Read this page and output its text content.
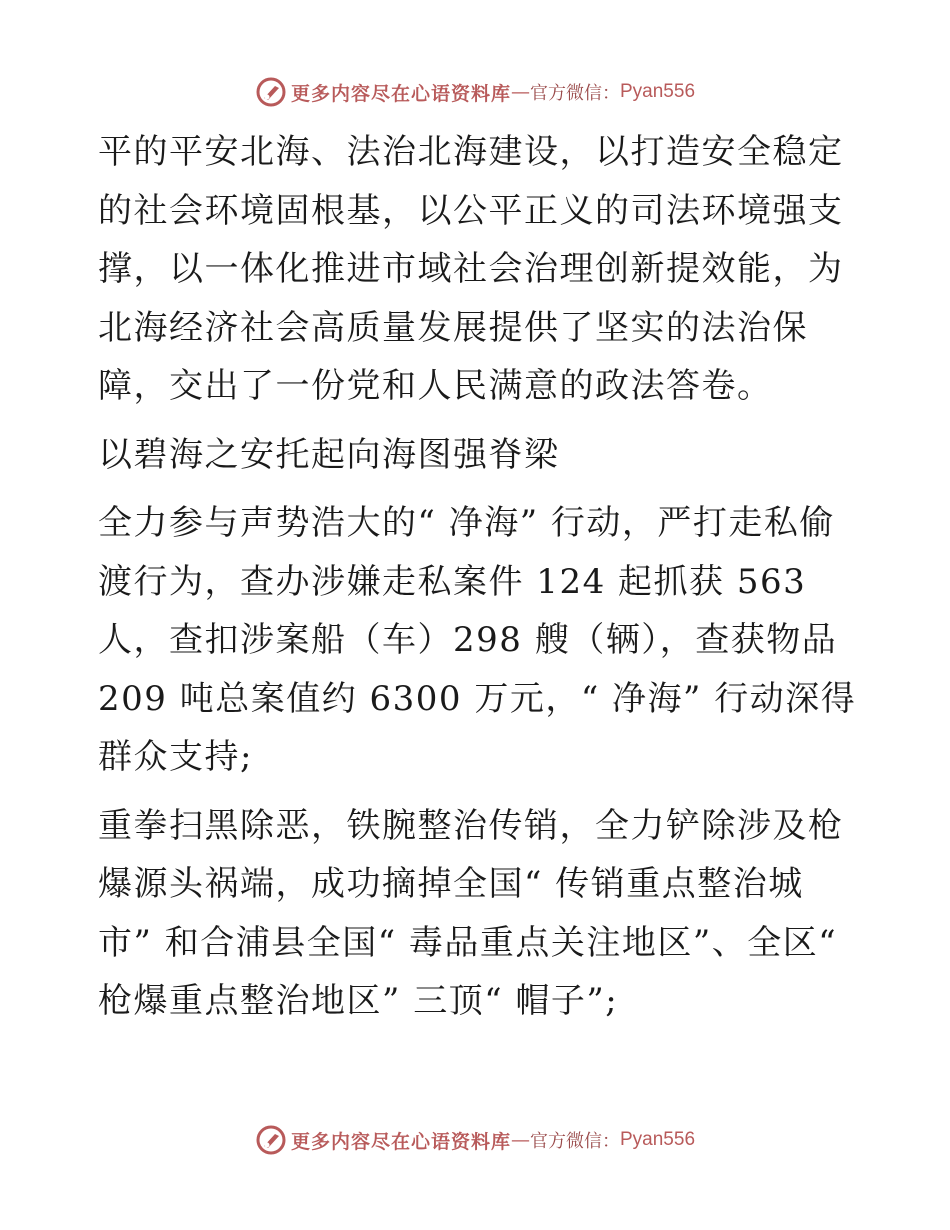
更多内容尽在心语资料库 — 官方微信： Pyan556

平的平安北海、法治北海建设，以打造安全稳定的社会环境固根基，以公平正义的司法环境强支撑，以一体化推进市域社会治理创新提效能，为北海经济社会高质量发展提供了坚实的法治保障，交出了一份党和人民满意的政法答卷。

以碧海之安托起向海图强脊梁

全力参与声势浩大的“ 净海” 行动，严打走私偷渡行为，查办涉嫌走私案件 124 起抓获 563 人，查扣涉案船（车）298 艘（辆），查获物品 209 吨总案值约 6300 万元，“ 净海” 行动深得群众支持;

重拳扫黑除恶，铁腕整治传销，全力铲除涉及枪爆源头祸端，成功摘掉全国“ 传销重点整治城市” 和合浦县全国“ 毒品重点关注地区”、全区“ 枪爆重点整治地区” 三顶“ 帽子”;

更多内容尽在心语资料库 — 官方微信： Pyan556
